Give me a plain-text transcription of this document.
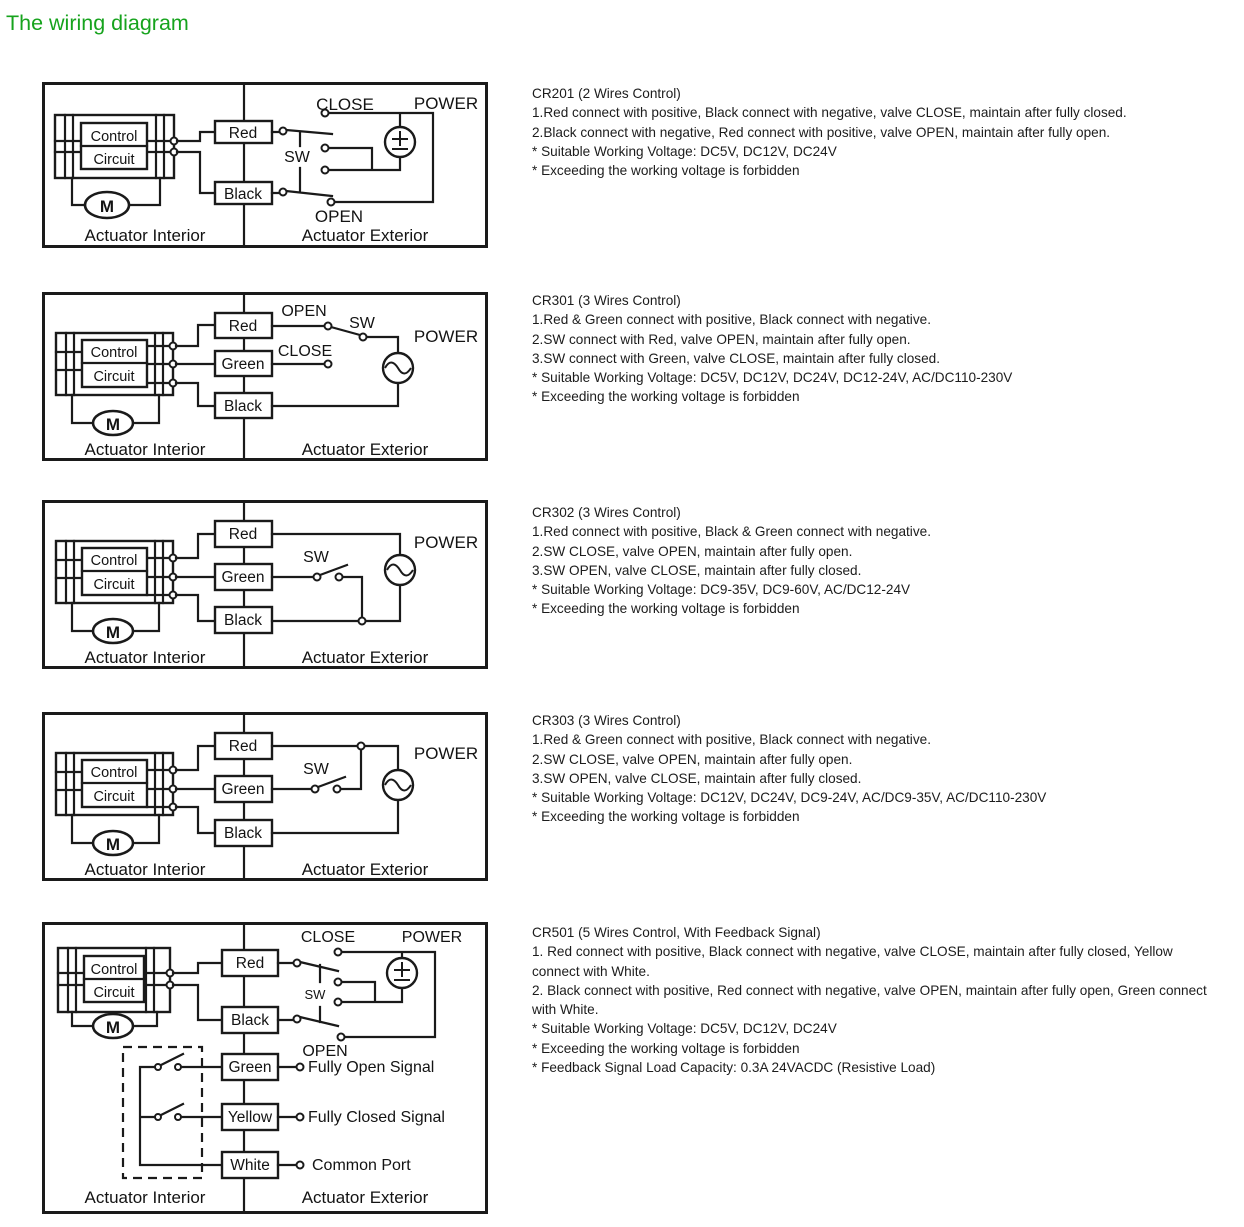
The wiring diagram
Control
Circuit
M
Red
Black
SW
CLOSE
OPEN
POWER
Actuator Interior	Actuator Exterior
Control
Circuit
M
Red
Green
Black
OPEN
SW
CLOSE
POWER
Actuator Interior	Actuator Exterior
Control
Circuit
M
Red
Green
Black
SW
POWER
Actuator Interior	Actuator Exterior
Control
Circuit
M
Red
Green
Black
SW
POWER
Actuator Interior	Actuator Exterior
Control
Circuit
M
Red
Black
SW
CLOSE
OPEN
POWER
Green
Yellow
White
Fully Open Signal
Fully Closed Signal
Common Port
Actuator Interior	Actuator Exterior
CR201 (2 Wires Control)
1.Red connect with positive, Black connect with negative, valve CLOSE, maintain after fully closed.
2.Black connect with negative, Red connect with positive, valve OPEN, maintain after fully open.
* Suitable Working Voltage: DC5V, DC12V, DC24V
* Exceeding the working voltage is forbidden
CR301 (3 Wires Control)
1.Red & Green connect with positive, Black connect with negative.
2.SW connect with Red, valve OPEN, maintain after fully open.
3.SW connect with Green, valve CLOSE, maintain after fully closed.
* Suitable Working Voltage: DC5V, DC12V, DC24V, DC12-24V, AC/DC110-230V
* Exceeding the working voltage is forbidden
CR302 (3 Wires Control)
1.Red connect with positive, Black & Green connect with negative.
2.SW CLOSE, valve OPEN, maintain after fully open.
3.SW OPEN, valve CLOSE, maintain after fully closed.
* Suitable Working Voltage: DC9-35V, DC9-60V, AC/DC12-24V
* Exceeding the working voltage is forbidden
CR303 (3 Wires Control)
1.Red & Green connect with positive, Black connect with negative.
2.SW CLOSE, valve OPEN, maintain after fully open.
3.SW OPEN, valve CLOSE, maintain after fully closed.
* Suitable Working Voltage: DC12V, DC24V, DC9-24V, AC/DC9-35V, AC/DC110-230V
* Exceeding the working voltage is forbidden
CR501 (5 Wires Control, With Feedback Signal)
1. Red connect with positive, Black connect with negative, valve CLOSE, maintain after fully closed, Yellow connect with White.
2. Black connect with positive, Red connect with negative, valve OPEN, maintain after fully open, Green connect with White.
* Suitable Working Voltage: DC5V, DC12V, DC24V
* Exceeding the working voltage is forbidden
* Feedback Signal Load Capacity: 0.3A 24VACDC (Resistive Load)
